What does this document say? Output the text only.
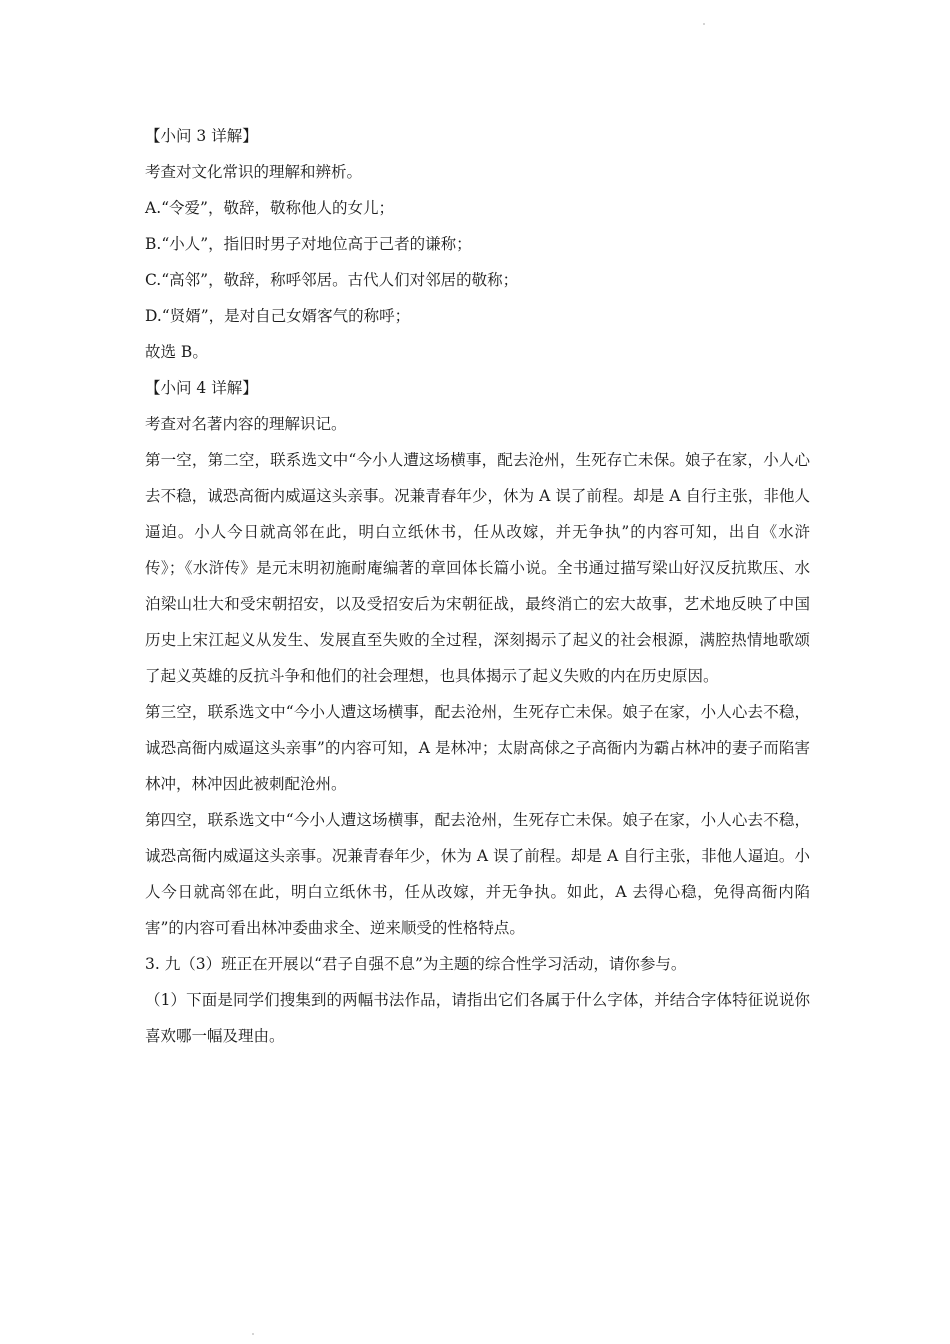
【小问 3 详解】

考查对文化常识的理解和辨析。

A.“令爱”，敬辞，敬称他人的女儿；

B.“小人”，指旧时男子对地位高于己者的谦称；

C.“高邻”，敬辞，称呼邻居。古代人们对邻居的敬称；

D.“贤婿”，是对自己女婿客气的称呼；

故选 B。

【小问 4 详解】

考查对名著内容的理解识记。

第一空，第二空，联系选文中“今小人遭这场横事，配去沧州，生死存亡未保。娘子在家，小人心去不稳，诚恐高衙内威逼这头亲事。况兼青春年少，休为 A 误了前程。却是 A 自行主张，非他人逼迫。小人今日就高邻在此，明白立纸休书，任从改嫁，并无争执”的内容可知，出自《水浒传》；《水浒传》是元末明初施耐庵编著的章回体长篇小说。全书通过描写梁山好汉反抗欺压、水泊梁山壮大和受宋朝招安，以及受招安后为宋朝征战，最终消亡的宏大故事，艺术地反映了中国历史上宋江起义从发生、发展直至失败的全过程，深刻揭示了起义的社会根源，满腔热情地歌颂了起义英雄的反抗斗争和他们的社会理想，也具体揭示了起义失败的内在历史原因。

第三空，联系选文中“今小人遭这场横事，配去沧州，生死存亡未保。娘子在家，小人心去不稳，诚恐高衙内威逼这头亲事”的内容可知，A 是林冲；太尉高俅之子高衙内为霸占林冲的妻子而陷害林冲，林冲因此被刺配沧州。

第四空，联系选文中“今小人遭这场横事，配去沧州，生死存亡未保。娘子在家，小人心去不稳，诚恐高衙内威逼这头亲事。况兼青春年少，休为 A 误了前程。却是 A 自行主张，非他人逼迫。小人今日就高邻在此，明白立纸休书，任从改嫁，并无争执。如此，A 去得心稳，免得高衙内陷害”的内容可看出林冲委曲求全、逆来顺受的性格特点。

3. 九（3）班正在开展以“君子自强不息”为主题的综合性学习活动，请你参与。

（1）下面是同学们搜集到的两幅书法作品，请指出它们各属于什么字体，并结合字体特征说说你喜欢哪一幅及理由。
